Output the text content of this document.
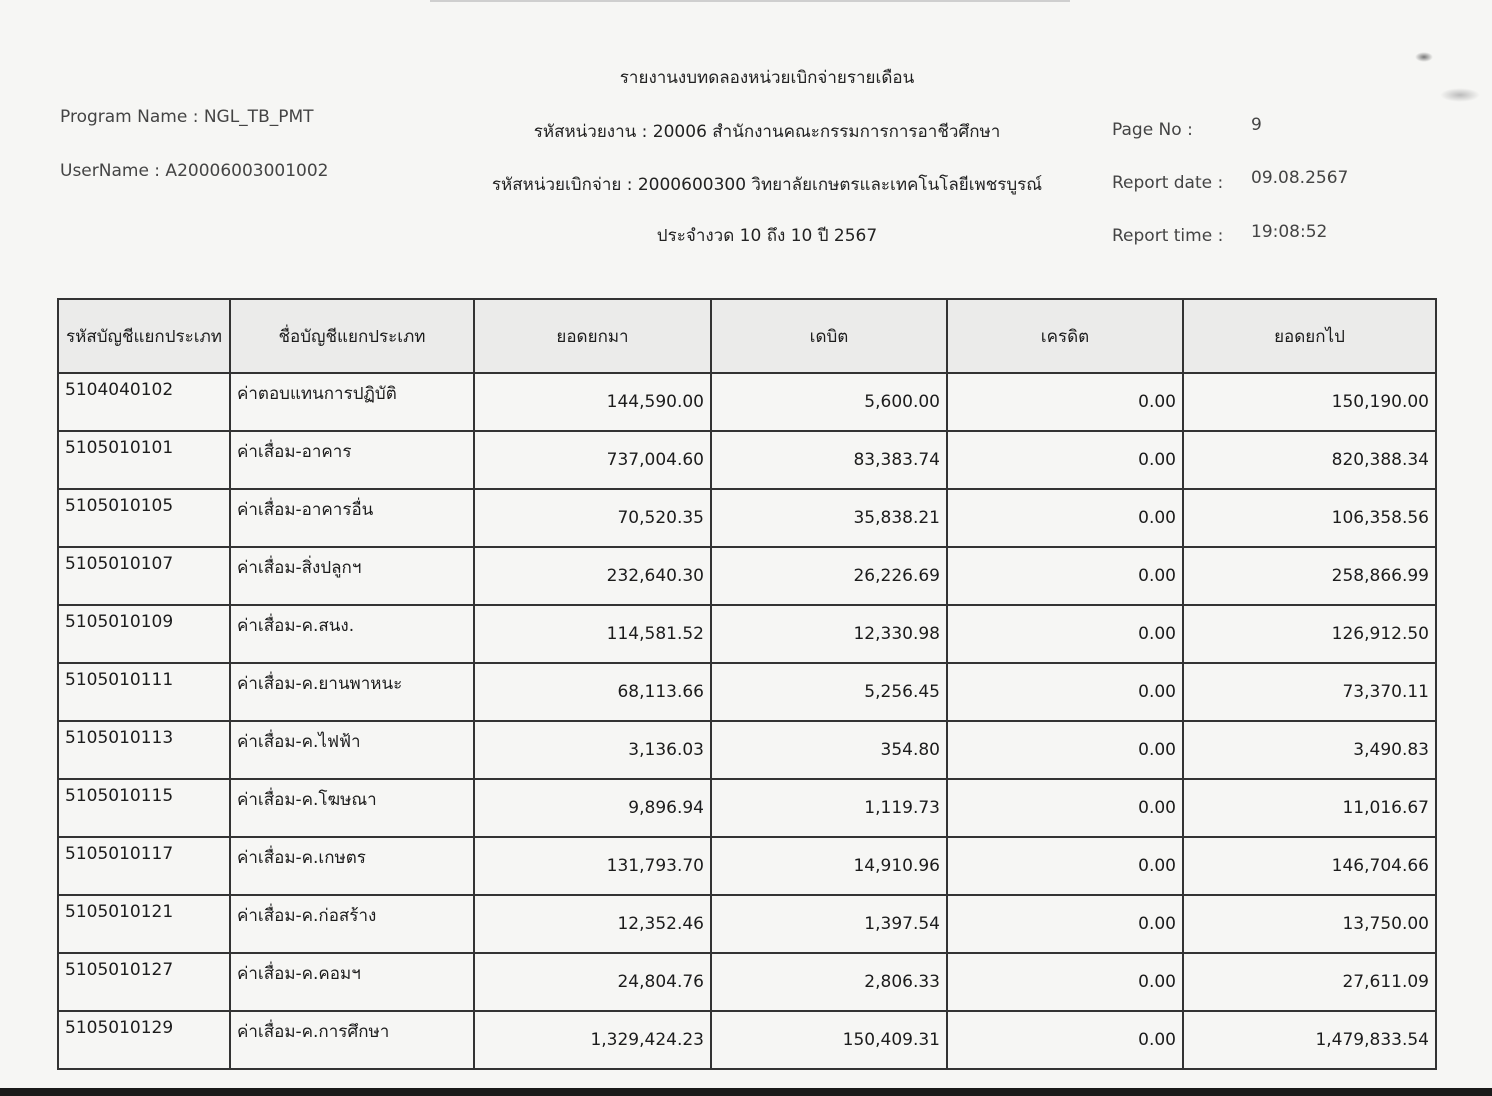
รายงานงบทดลองหน่วยเบิกจ่ายรายเดือน
Program Name : NGL_TB_PMT
UserName : A20006003001002
รหัสหน่วยงาน : 20006 สำนักงานคณะกรรมการการอาชีวศึกษา
รหัสหน่วยเบิกจ่าย : 2000600300 วิทยาลัยเกษตรและเทคโนโลยีเพชรบูรณ์
ประจำงวด 10 ถึง 10 ปี 2567
Page No :	9
Report date : 09.08.2567
Report time : 19:08:52
รหัสบัญชีแยกประเภท	ชื่อบัญชีแยกประเภท	ยอดยกมา	เดบิต	เครดิต	ยอดยกไป
5104040102	ค่าตอบแทนการปฏิบัติ	144,590.00	5,600.00	0.00	150,190.00
5105010101	ค่าเสื่อม-อาคาร	737,004.60	83,383.74	0.00	820,388.34
5105010105	ค่าเสื่อม-อาคารอื่น	70,520.35	35,838.21	0.00	106,358.56
5105010107	ค่าเสื่อม-สิ่งปลูกฯ	232,640.30	26,226.69	0.00	258,866.99
5105010109	ค่าเสื่อม-ค.สนง.	114,581.52	12,330.98	0.00	126,912.50
5105010111	ค่าเสื่อม-ค.ยานพาหนะ	68,113.66	5,256.45	0.00	73,370.11
5105010113	ค่าเสื่อม-ค.ไฟฟ้า	3,136.03	354.80	0.00	3,490.83
5105010115	ค่าเสื่อม-ค.โฆษณา	9,896.94	1,119.73	0.00	11,016.67
5105010117	ค่าเสื่อม-ค.เกษตร	131,793.70	14,910.96	0.00	146,704.66
5105010121	ค่าเสื่อม-ค.ก่อสร้าง	12,352.46	1,397.54	0.00	13,750.00
5105010127	ค่าเสื่อม-ค.คอมฯ	24,804.76	2,806.33	0.00	27,611.09
5105010129	ค่าเสื่อม-ค.การศึกษา	1,329,424.23	150,409.31	0.00	1,479,833.54
